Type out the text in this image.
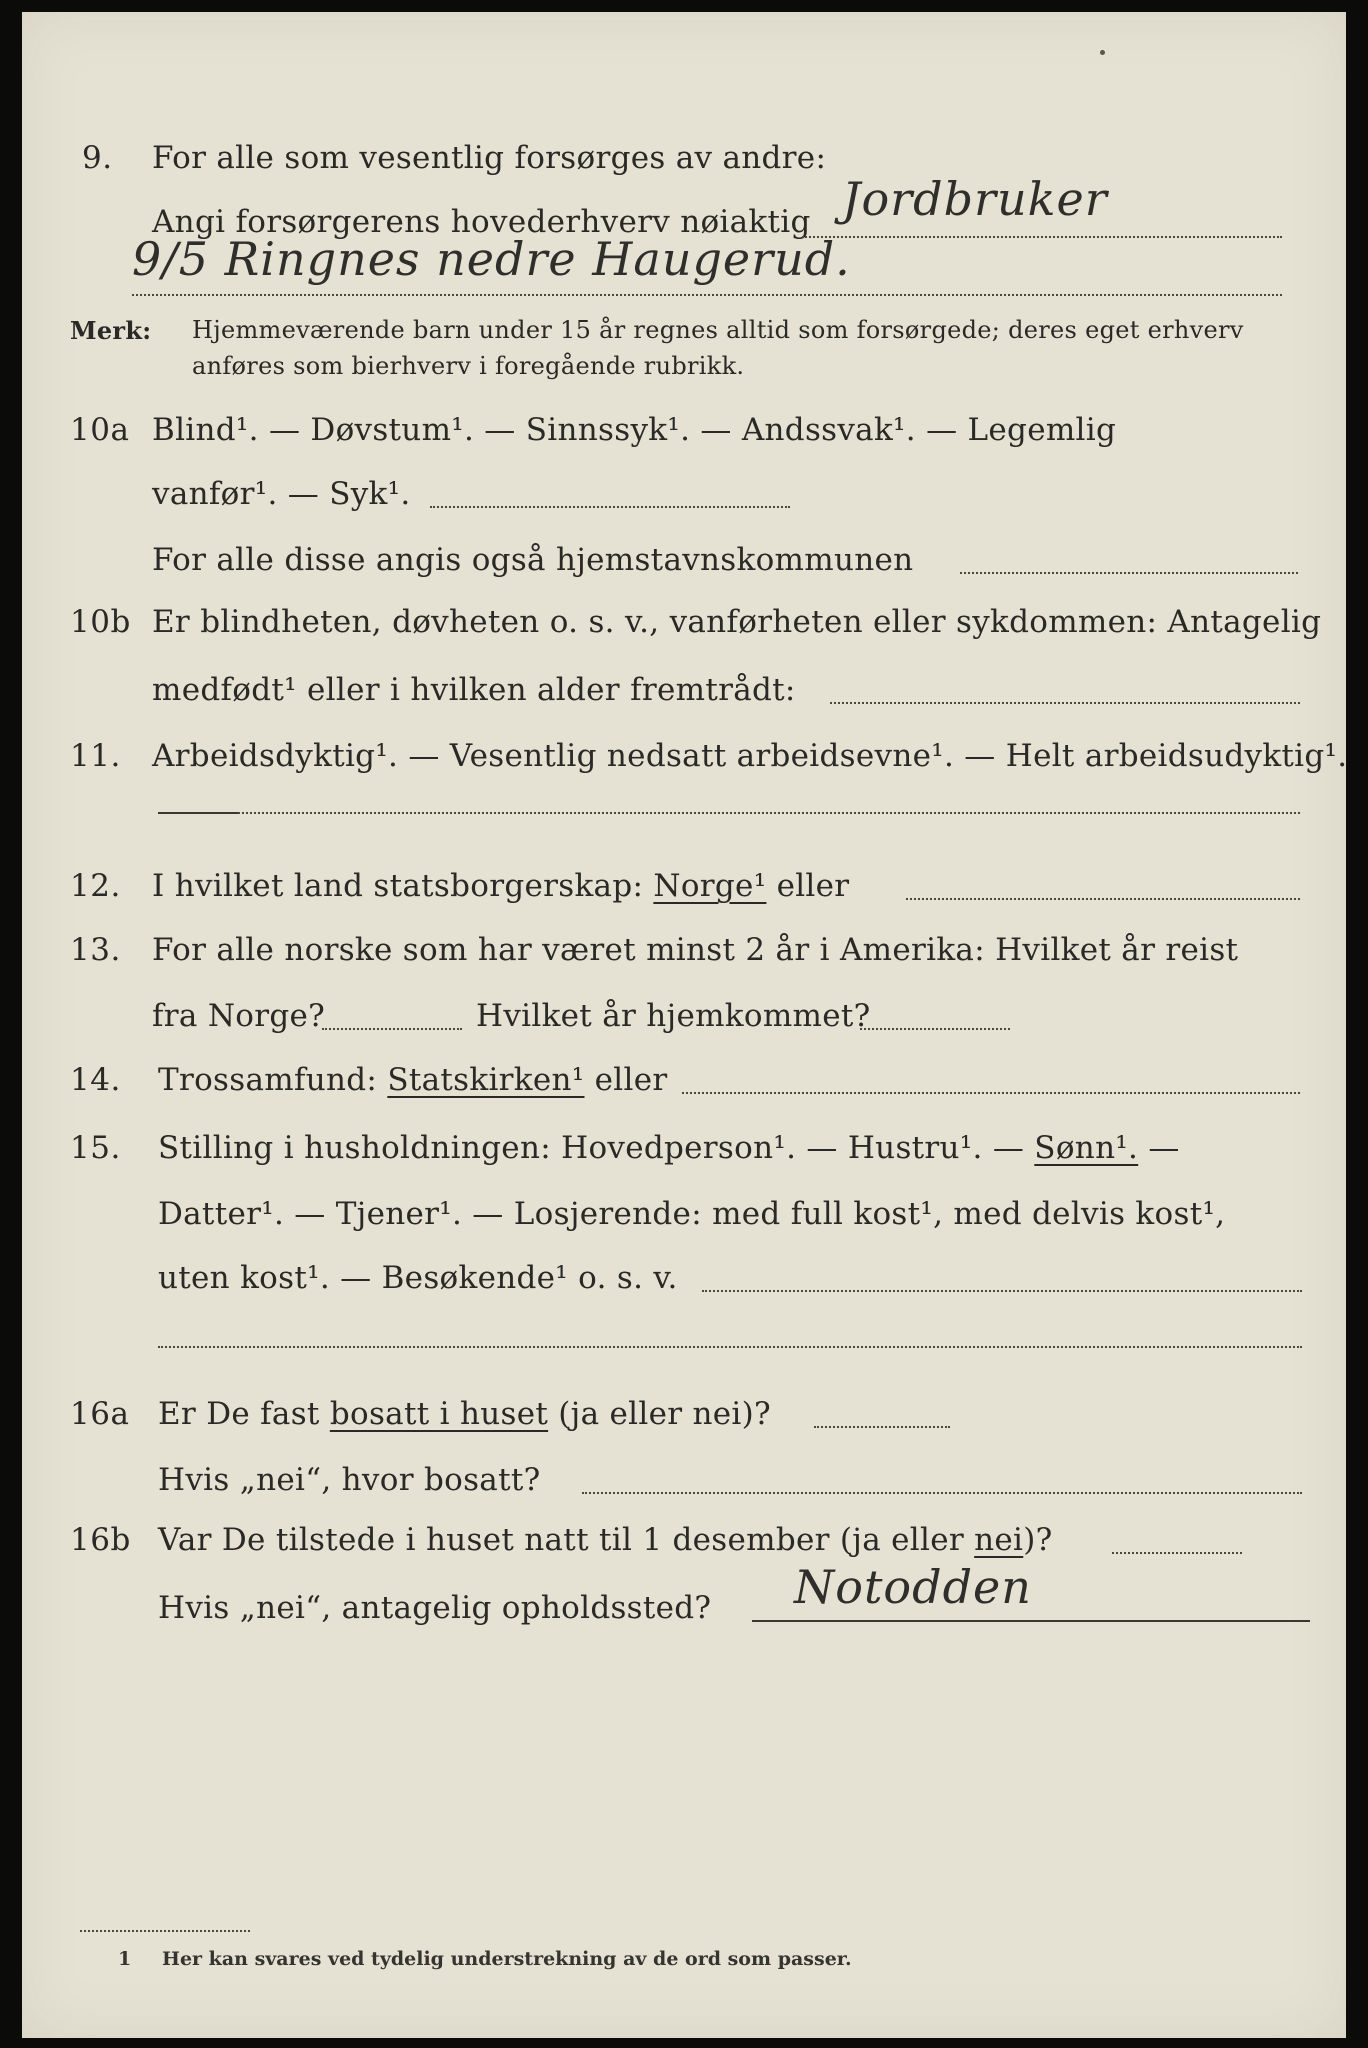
9. For alle som vesentlig forsørges av andre:
Angi forsørgerens hovederhverv nøiaktig Jordbruker
9/5 Ringnes nedre Haugerud.
Merk: Hjemmeværende barn under 15 år regnes alltid som forsørgede; deres eget erhverv
anføres som bierhverv i foregående rubrikk.
10a Blind¹. — Døvstum¹. — Sinnssyk¹. — Andssvak¹. — Legemlig
vanfør¹. — Syk¹.
For alle disse angis også hjemstavnskommunen
10b Er blindheten, døvheten o. s. v., vanførheten eller sykdommen: Antagelig
medfødt¹ eller i hvilken alder fremtrådt:
11. Arbeidsdyktig¹. — Vesentlig nedsatt arbeidsevne¹. — Helt arbeidsudyktig¹.
12. I hvilket land statsborgerskap: Norge¹ eller
13. For alle norske som har været minst 2 år i Amerika: Hvilket år reist
fra Norge?	Hvilket år hjemkommet?
14. Trossamfund: Statskirken¹ eller
15. Stilling i husholdningen: Hovedperson¹. — Hustru¹. — Sønn¹. —
Datter¹. — Tjener¹. — Losjerende: med full kost¹, med delvis kost¹,
uten kost¹. — Besøkende¹ o. s. v.
16a Er De fast bosatt i huset (ja eller nei)?
Hvis „nei“, hvor bosatt?
16b Var De tilstede i huset natt til 1 desember (ja eller nei)?
Hvis „nei“, antagelig opholdssted? Notodden
1 Her kan svares ved tydelig understrekning av de ord som passer.
